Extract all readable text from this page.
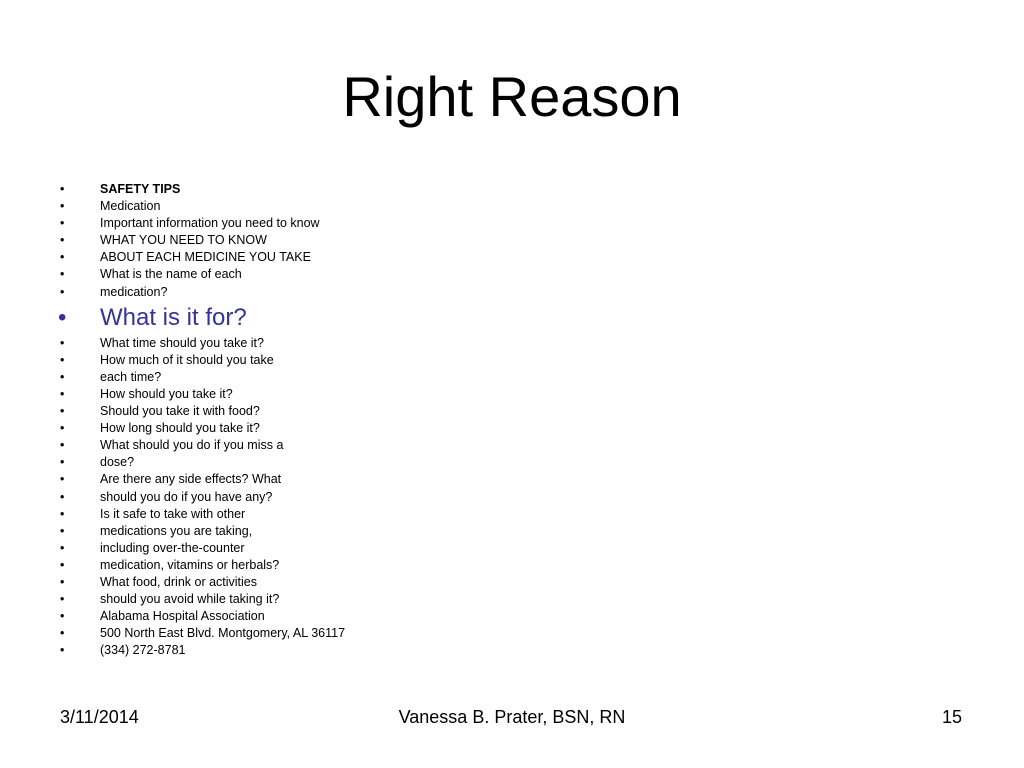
Right Reason
•	SAFETY TIPS
•	Medication
•	Important information you need to know
•	WHAT YOU NEED TO KNOW
•	ABOUT EACH MEDICINE YOU TAKE
•	What is the name of each
•	medication?
• What is it for?
•	What time should you take it?
•	How much of it should you take
•	each time?
•	How should you take it?
•	Should you take it with food?
•	How long should you take it?
•	What should you do if you miss a
•	dose?
•	Are there any side effects? What
•	should you do if you have any?
•	Is it safe to take with other
•	medications you are taking,
•	including over-the-counter
•	medication, vitamins or herbals?
•	What food, drink or activities
•	should you avoid while taking it?
•	Alabama Hospital Association
•	500 North East Blvd. Montgomery, AL 36117
•	(334) 272-8781
3/11/2014	Vanessa B. Prater, BSN, RN	15
